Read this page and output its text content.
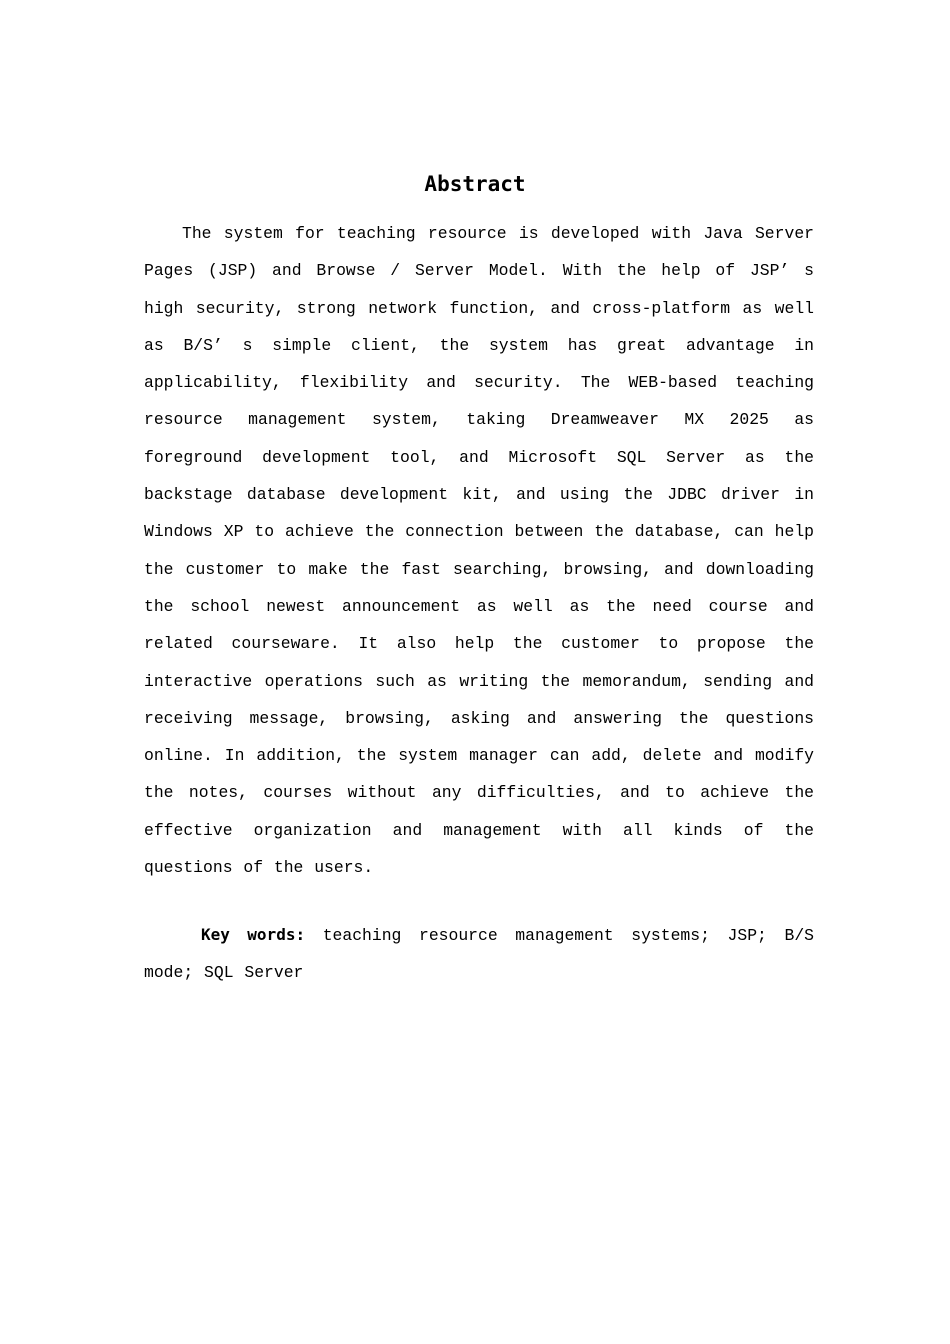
Abstract

The system for teaching resource is developed with Java Server Pages (JSP) and Browse / Server Model. With the help of JSP’ s high security, strong network function, and cross-platform as well as B/S’ s simple client, the system has great advantage in applicability, flexibility and security. The WEB-based teaching resource management system, taking Dreamweaver MX 2025 as foreground development tool, and Microsoft SQL Server as the backstage database development kit, and using the JDBC driver in Windows XP to achieve the connection between the database, can help the customer to make the fast searching, browsing, and downloading the school newest announcement as well as the need course and related courseware. It also help the customer to propose the interactive operations such as writing the memorandum, sending and receiving message, browsing, asking and answering the questions online. In addition, the system manager can add, delete and modify the notes, courses without any difficulties, and to achieve the effective organization and management with all kinds of the questions of the users.

Key words: teaching resource management systems; JSP; B/S mode; SQL Server
